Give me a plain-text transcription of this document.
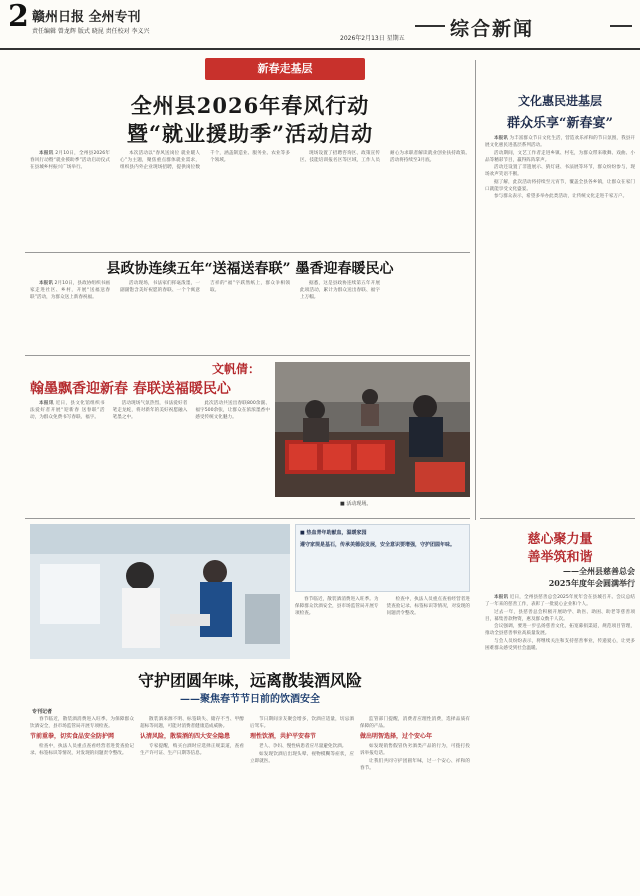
2 赣州日报 全州专刊
责任编辑 曾龙辉 版式 晓昆 责任校对 李义兴
2026年2月13日 星期五 综合新闻
新春走基层
全州县2026年春风行动
暨“就业援助季”活动启动

本报讯 2月10日，全州县2026年春风行动暨“就业援助季”活动启动仪式在县城乡村振兴广场举行。

本次活动以“春风送岗位 就业暖人心”为主题，聚焦重点群体就业需求，组织县内外企业现场招聘，提供岗位数千个，涵盖制造业、服务业、农业等多个领域。

现场设置了招聘咨询区、政策宣传区、技能培训报名区等区域，工作人员耐心为求职者解读就业创业扶持政策。活动将持续至3月底。

文化惠民进基层
群众乐享“新春宴”

本报讯 为丰富群众节日文化生活，营造欢乐祥和的节日氛围，我县开展文化惠民进基层系列活动。

活动期间，文艺工作者走进乡镇、村屯，为群众带来歌舞、戏曲、小品等精彩节目，赢得阵阵掌声。

活动还设置了非遗展示、猜灯谜、书法展等环节，群众纷纷参与，现场欢声笑语不断。

据了解，此次活动将持续至元宵节，覆盖全县各乡镇，让群众在家门口就能享受文化盛宴。

参与群众表示，希望多举办此类活动，让传统文化走进千家万户。

县政协连续五年“送福送春联” 墨香迎春暖民心

本报讯 2月10日，县政协组织书画家走进社区、乡村，开展“送福送春联”活动，为群众送上新春祝福。

活动现场，书法家们挥毫泼墨，一副副饱含美好祝愿的春联、一个个寓意吉祥的“福”字跃然纸上，群众争相领取。

据悉，这是县政协连续第五年开展此项活动，累计为群众送出春联、福字上万幅。

文帆倩：
翰墨飘香迎新春 春联送福暖民心

本报讯 近日，县文化馆组织书法爱好者开展“迎新春 送春联”活动，为群众免费书写春联、福字。

活动现场气氛热烈，书法爱好者笔走龙蛇，将对新年的美好祝愿融入笔墨之中。

此次活动共送出春联800余副、福字500余张，让群众在浓浓墨香中感受传统文化魅力。

■ 活动现场。
慈心聚力量
善举筑和谐
——全州县慈善总会
2025年度年会圆满举行

本报讯 近日，全州县慈善总会2025年度年会在县城召开。会议总结了一年来的慈善工作，表彰了一批爱心企业和个人。

过去一年，县慈善总会积极开展助学、助医、助困、助老等慈善项目，募集善款物资，惠及群众数千人次。

会议强调，要进一步弘扬慈善文化，拓宽募捐渠道，规范项目管理，推动全县慈善事业高质量发展。

与会人员纷纷表示，将继续关注和支持慈善事业，传递爱心，让更多困难群众感受到社会温暖。

■ 热血青年助献血，温暖家园
遵守家规是基石，传承美德促发展，安全意识要增强，守护团圆年味。

春节临近，散装酒消费进入旺季。为保障群众饮酒安全，县市场监管局开展专项检查。

检查中，执法人员重点查看经营者进货查验记录、标签标识等情况，对发现的问题责令整改。

守护团圆年味，远离散装酒风险
——聚焦春节节日前的饮酒安全
专刊记者

春节临近，散装酒消费进入旺季。为保障群众饮酒安全，县市场监管局开展专项检查。

节前重拳，切实食品安全防护网

检查中，执法人员重点查看经营者进货查验记录、标签标识等情况，对发现的问题责令整改。

散装酒来源不明、标签缺失、储存不当、甲醇超标等问题，可能对消费者健康造成威胁。

认清风险，散装酒的四大安全隐患

专家提醒，购买白酒时应选择正规渠道，查看生产许可证、生产日期等信息。

节日期间亲友聚会增多，饮酒应适量，切忌酒后驾车。

理性饮酒，共护平安春节

老人、孕妇、慢性病患者应尽量避免饮酒。

如发现饮酒后出现头晕、视物模糊等症状，应立即就医。

监管部门提醒，消费者应理性消费，选择品质有保障的产品。

做出明智选择，过个安心年

如发现销售假冒伪劣酒类产品的行为，可拨打投诉举报电话。

让我们共同守护团圆年味，过一个安心、祥和的春节。
